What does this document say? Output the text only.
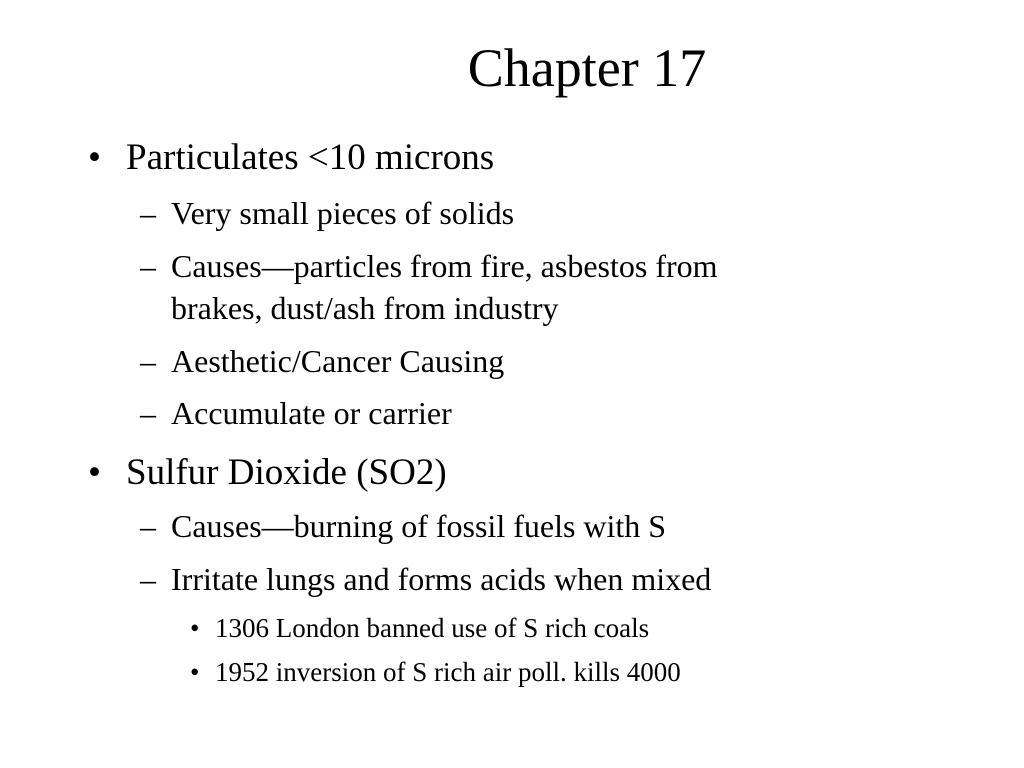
Chapter 17
• Particulates <10 microns
– Very small pieces of solids
– Causes—particles from fire, asbestos from
brakes, dust/ash from industry
– Aesthetic/Cancer Causing
– Accumulate or carrier
• Sulfur Dioxide (SO2)
– Causes—burning of fossil fuels with S
– Irritate lungs and forms acids when mixed
• 1306 London banned use of S rich coals
• 1952 inversion of S rich air poll. kills 4000
